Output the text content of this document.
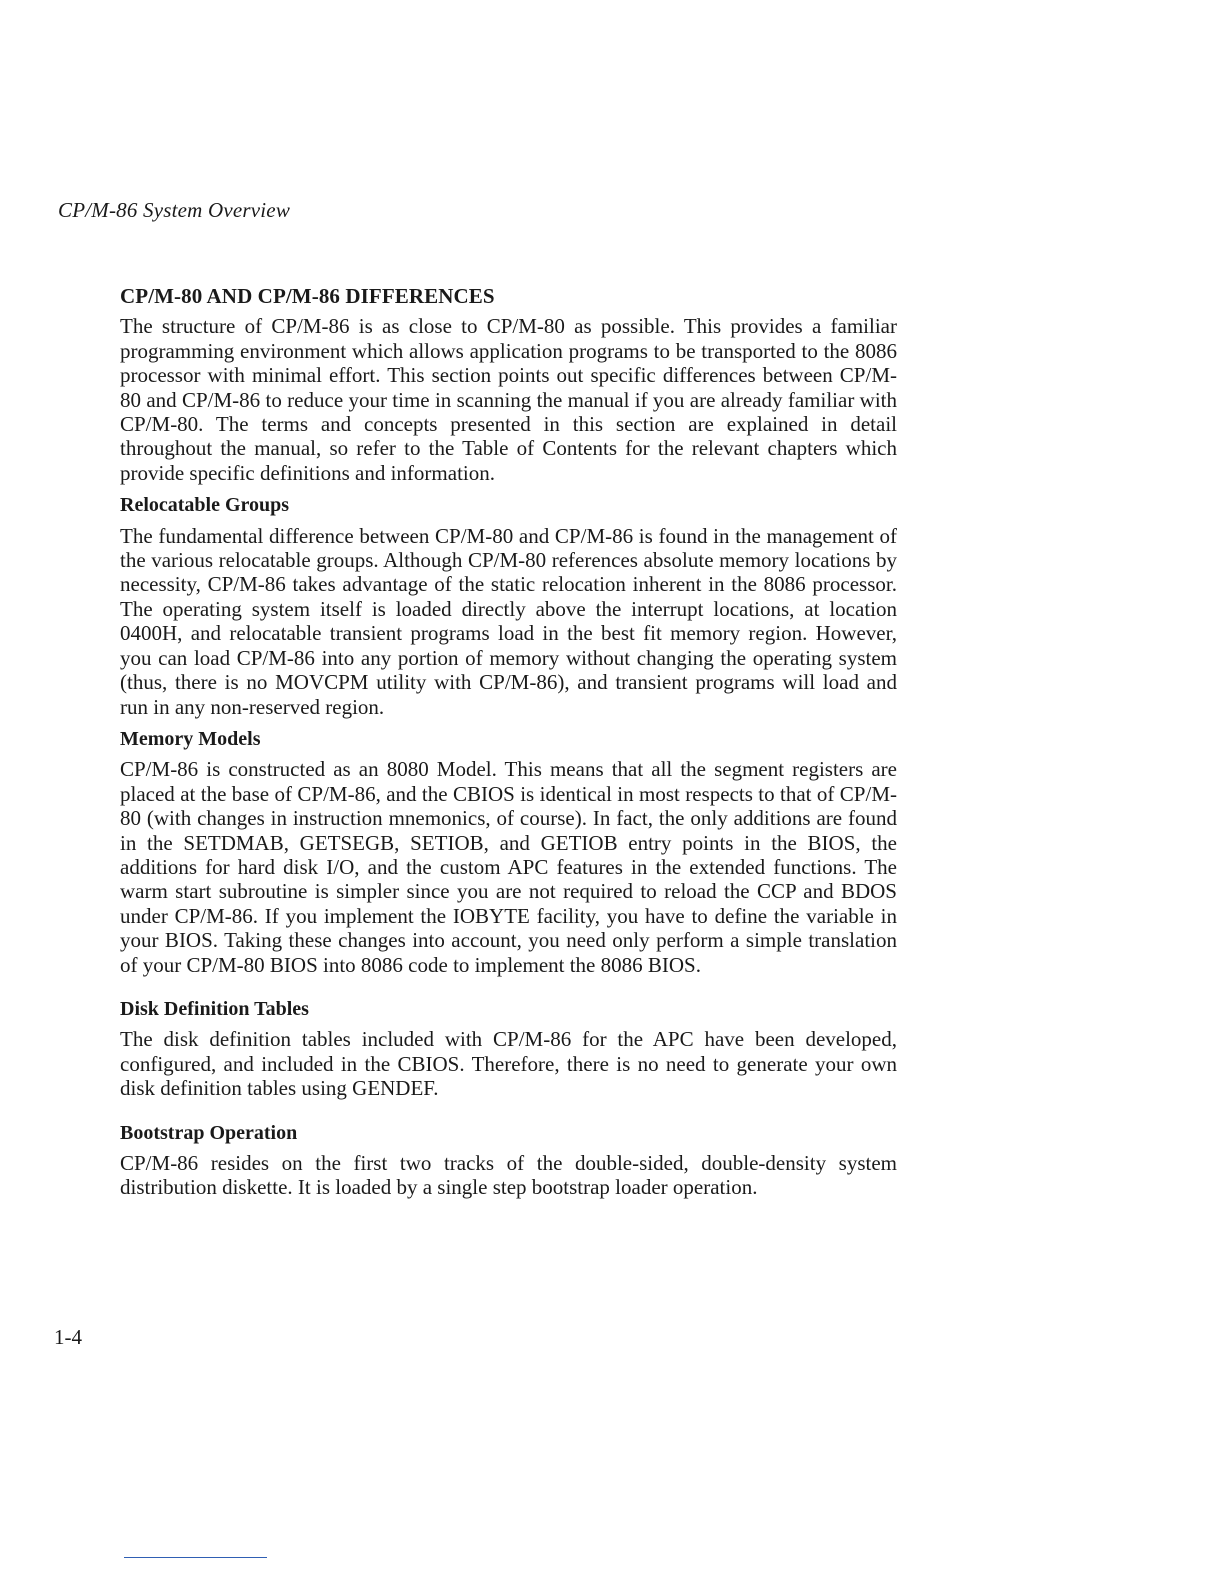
CP/M-86 System Overview
CP/M-80 AND CP/M-86 DIFFERENCES

The structure of CP/M-86 is as close to CP/M-80 as possible. This provides a familiar programming environment which allows application programs to be transported to the 8086 processor with minimal effort. This section points out specific differences between CP/M-80 and CP/M-86 to reduce your time in scanning the manual if you are already familiar with CP/M-80. The terms and concepts presented in this section are explained in detail throughout the manual, so refer to the Table of Contents for the relevant chapters which provide specific definitions and information.

Relocatable Groups

The fundamental difference between CP/M-80 and CP/M-86 is found in the management of the various relocatable groups. Although CP/M-80 references absolute memory locations by necessity, CP/M-86 takes advantage of the static relocation inherent in the 8086 processor. The operating system itself is loaded directly above the interrupt locations, at location 0400H, and relocatable transient programs load in the best fit memory region. However, you can load CP/M-86 into any portion of memory without changing the operating system (thus, there is no MOVCPM utility with CP/M-86), and transient programs will load and run in any non-reserved region.

Memory Models

CP/M-86 is constructed as an 8080 Model. This means that all the segment registers are placed at the base of CP/M-86, and the CBIOS is identical in most respects to that of CP/M-80 (with changes in instruction mnemonics, of course). In fact, the only additions are found in the SETDMAB, GETSEGB, SETIOB, and GETIOB entry points in the BIOS, the additions for hard disk I/O, and the custom APC features in the extended functions. The warm start subroutine is simpler since you are not required to reload the CCP and BDOS under CP/M-86. If you implement the IOBYTE facility, you have to define the variable in your BIOS. Taking these changes into account, you need only perform a simple translation of your CP/M-80 BIOS into 8086 code to implement the 8086 BIOS.

Disk Definition Tables

The disk definition tables included with CP/M-86 for the APC have been developed, configured, and included in the CBIOS. Therefore, there is no need to generate your own disk definition tables using GENDEF.

Bootstrap Operation

CP/M-86 resides on the first two tracks of the double-sided, double-density system distribution diskette. It is loaded by a single step bootstrap loader operation.

1-4
